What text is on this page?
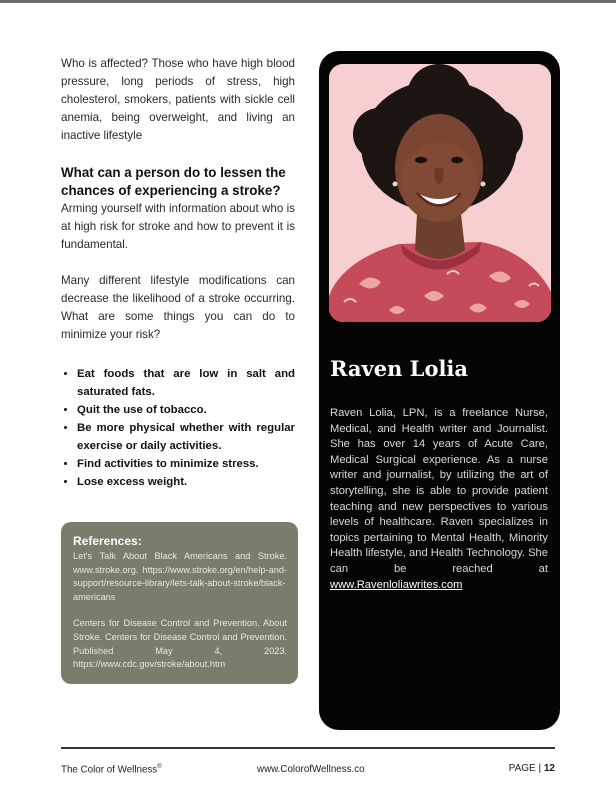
Who is affected? Those who have high blood pressure, long periods of stress, high cholesterol, smokers, patients with sickle cell anemia, being overweight, and living an inactive lifestyle

What can a person do to lessen the chances of experiencing a stroke?

Arming yourself with information about who is at high risk for stroke and how to prevent it is fundamental.

Many different lifestyle modifications can decrease the likelihood of a stroke occurring. What are some things you can do to minimize your risk?

• Eat foods that are low in salt and saturated fats.
• Quit the use of tobacco.
• Be more physical whether with regular exercise or daily activities.
• Find activities to minimize stress.
• Lose excess weight.

References:

Let's Talk About Black Americans and Stroke. www.stroke.org. https://www.stroke.org/en/help-and-support/resource-library/lets-talk-about-stroke/black-americans

Centers for Disease Control and Prevention. About Stroke. Centers for Disease Control and Prevention. Published May 4, 2023. https://www.cdc.gov/stroke/about.htm

Raven Lolia

Raven Lolia, LPN, is a freelance Nurse, Medical, and Health writer and Journalist. She has over 14 years of Acute Care, Medical Surgical experience. As a nurse writer and journalist, by utilizing the art of storytelling, she is able to provide patient teaching and new perspectives to various levels of healthcare. Raven specializes in topics pertaining to Mental Health, Minority Health lifestyle, and Health Technology. She can be reached at www.Ravenloliawrites.com

The Color of Wellness®	www.ColorofWellness.co	PAGE | 12
